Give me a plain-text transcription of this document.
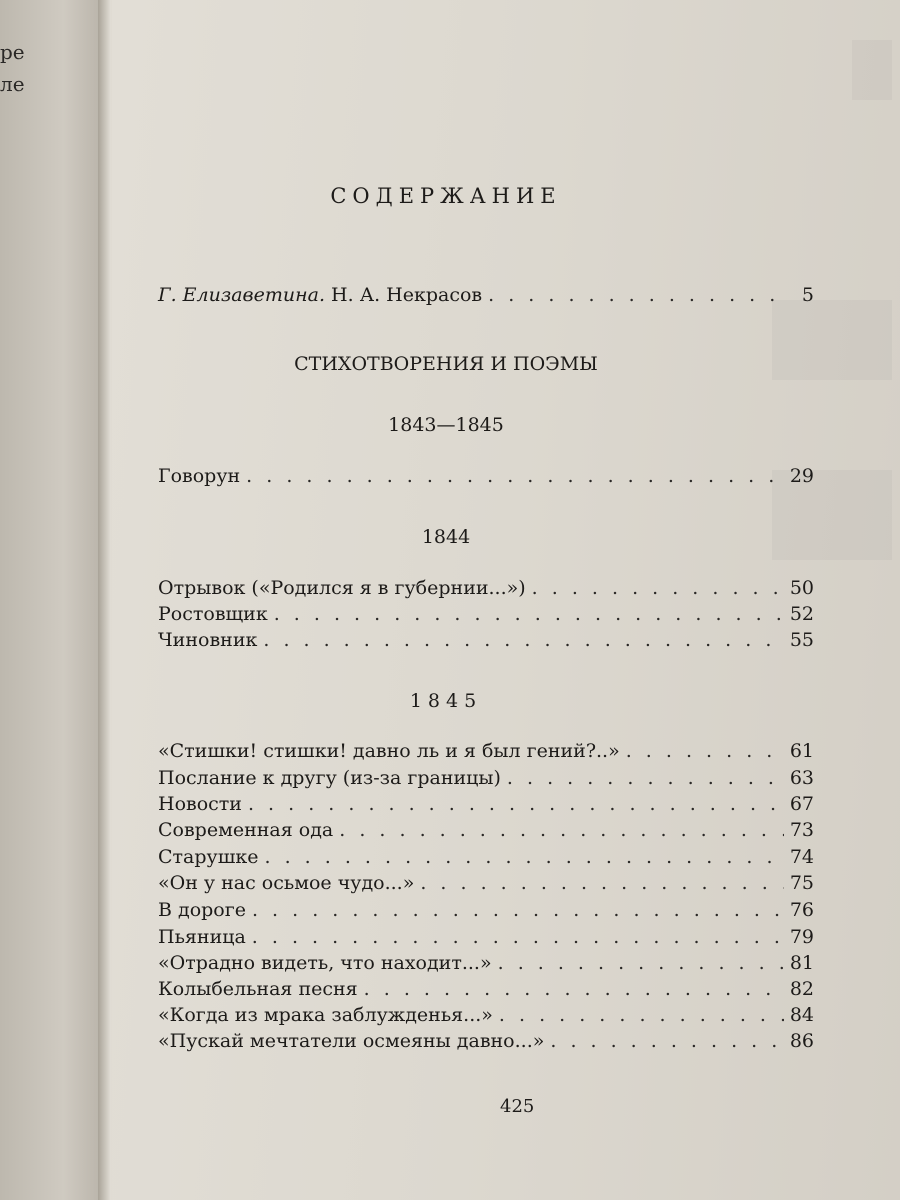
ре
ле
СОДЕРЖАНИЕ
Г. Елизаветина. Н. А. Некрасов . . .	5
СТИХОТВОРЕНИЯ И ПОЭМЫ
1843—1845
Говорун . . .	29
1844
Отрывок («Родился я в губернии...») . . .	50
Ростовщик . . .	52
Чиновник . . .	55
1845
«Стишки! стишки! давно ль и я был гений?..» . . .	61
Послание к другу (из-за границы) . . .	63
Новости . . .	67
Современная ода . . .	73
Старушке . . .	74
«Он у нас осьмое чудо...» . . .	75
В дороге . . .	76
Пьяница . . .	79
«Отрадно видеть, что находит...» . . .	81
Колыбельная песня . . .	82
«Когда из мрака заблужденья...» . . .	84
«Пускай мечтатели осмеяны давно...» . . .	86
425
